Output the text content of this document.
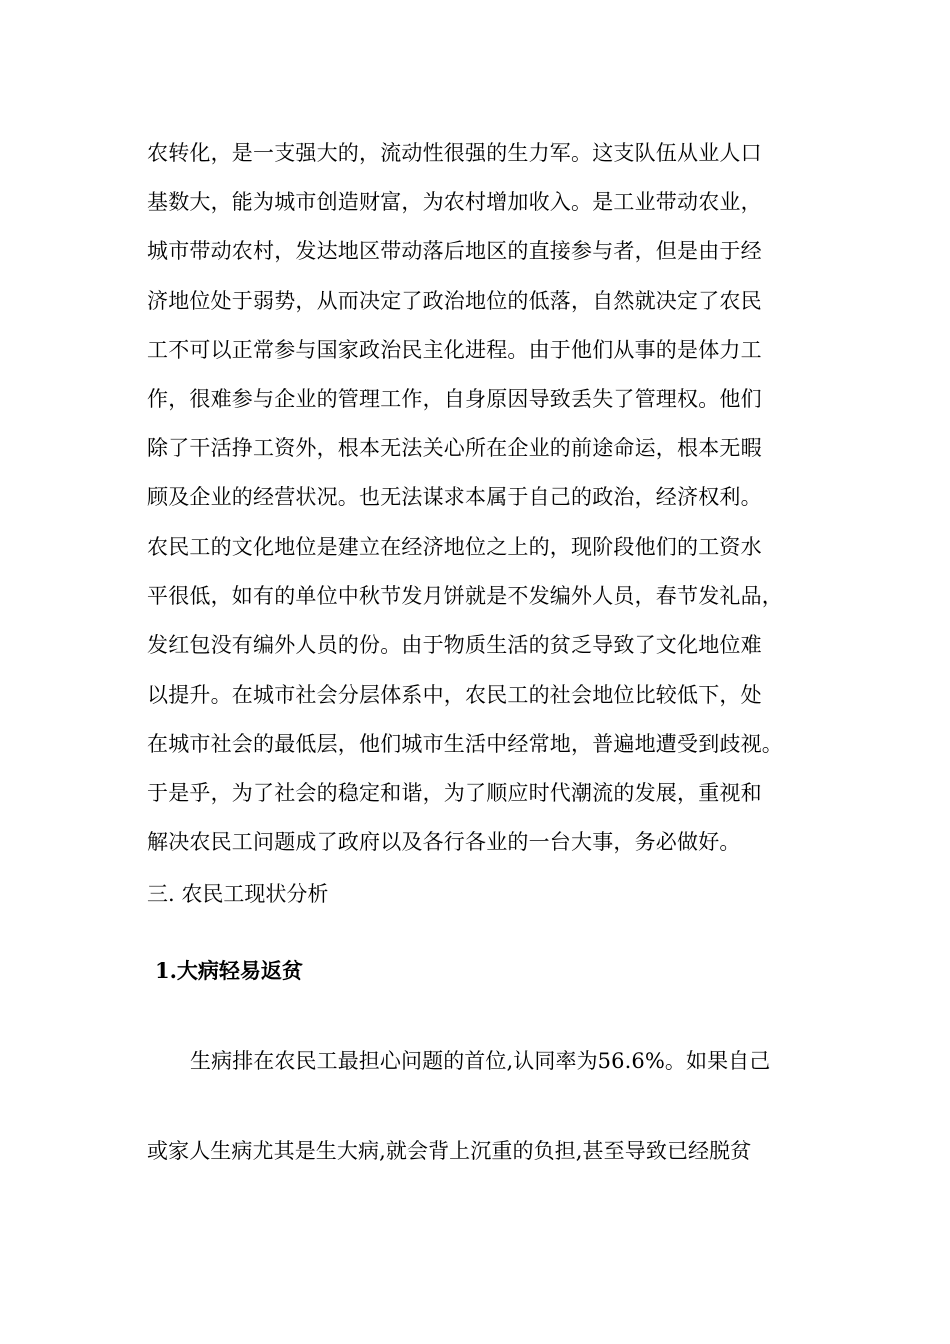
农转化，是一支强大的，流动性很强的生力军。这支队伍从业人口
基数大，能为城市创造财富，为农村增加收入。是工业带动农业，
城市带动农村，发达地区带动落后地区的直接参与者，但是由于经
济地位处于弱势，从而决定了政治地位的低落，自然就决定了农民
工不可以正常参与国家政治民主化进程。由于他们从事的是体力工
作，很难参与企业的管理工作，自身原因导致丢失了管理权。他们
除了干活挣工资外，根本无法关心所在企业的前途命运，根本无暇
顾及企业的经营状况。也无法谋求本属于自己的政治，经济权利。
农民工的文化地位是建立在经济地位之上的，现阶段他们的工资水
平很低，如有的单位中秋节发月饼就是不发编外人员，春节发礼品，
发红包没有编外人员的份。由于物质生活的贫乏导致了文化地位难
以提升。在城市社会分层体系中，农民工的社会地位比较低下，处
在城市社会的最低层，他们城市生活中经常地，普遍地遭受到歧视。
于是乎，为了社会的稳定和谐，为了顺应时代潮流的发展，重视和
解决农民工问题成了政府以及各行各业的一台大事，务必做好。
三. 农民工现状分析
1.大病轻易返贫
生病排在农民工最担心问题的首位,认同率为56.6%。如果自己
或家人生病尤其是生大病,就会背上沉重的负担,甚至导致已经脱贫
